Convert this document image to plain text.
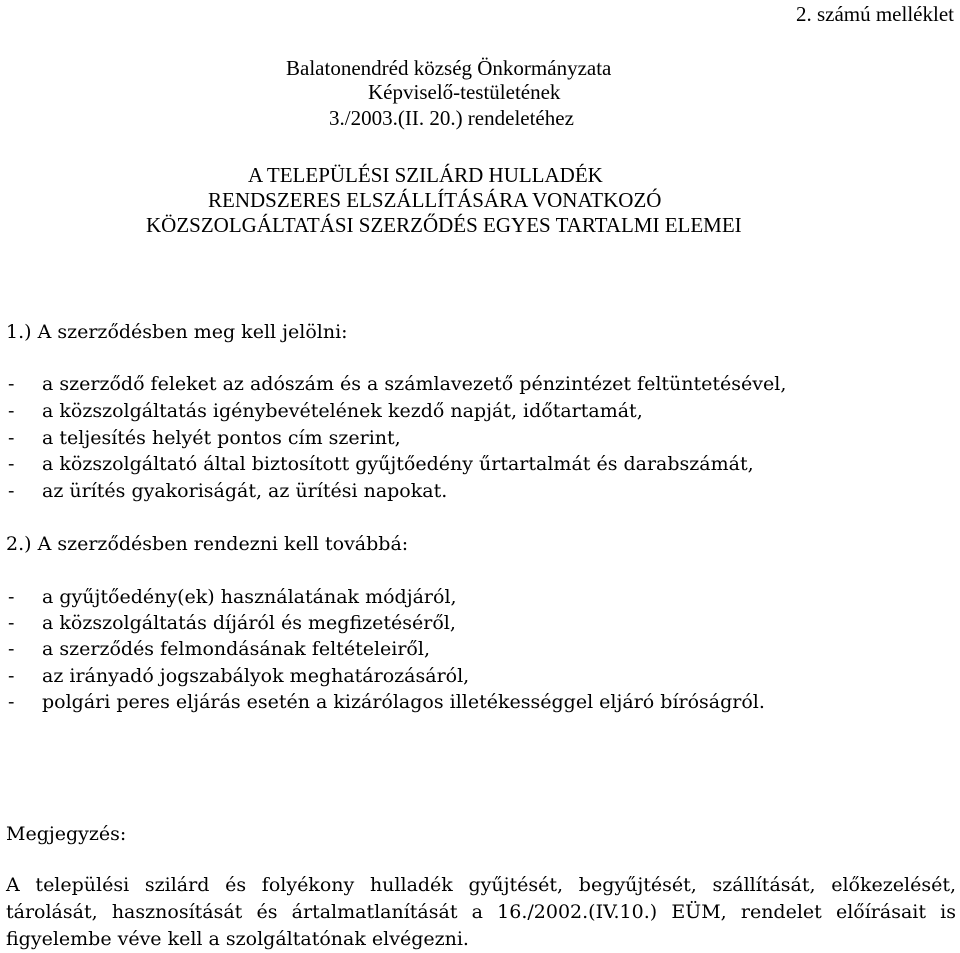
2. számú melléklet
Balatonendréd község Önkormányzata
Képviselő-testületének
3./2003.(II. 20.) rendeletéhez
A TELEPÜLÉSI SZILÁRD HULLADÉK
RENDSZERES ELSZÁLLÍTÁSÁRA VONATKOZÓ
KÖZSZOLGÁLTATÁSI SZERZŐDÉS EGYES TARTALMI ELEMEI
1.) A szerződésben meg kell jelölni:
- a szerződő feleket az adószám és a számlavezető pénzintézet feltüntetésével,
- a közszolgáltatás igénybevételének kezdő napját, időtartamát,
- a teljesítés helyét pontos cím szerint,
- a közszolgáltató által biztosított gyűjtőedény űrtartalmát és darabszámát,
- az ürítés gyakoriságát, az ürítési napokat.
2.) A szerződésben rendezni kell továbbá:
- a gyűjtőedény(ek) használatának módjáról,
- a közszolgáltatás díjáról és megfizetéséről,
- a szerződés felmondásának feltételeiről,
- az irányadó jogszabályok meghatározásáról,
- polgári peres eljárás esetén a kizárólagos illetékességgel eljáró bíróságról.
Megjegyzés:
A települési szilárd és folyékony hulladék gyűjtését, begyűjtését, szállítását, előkezelését,
tárolását, hasznosítását és ártalmatlanítását a 16./2002.(IV.10.) EÜM, rendelet előírásait is
figyelembe véve kell a szolgáltatónak elvégezni.
